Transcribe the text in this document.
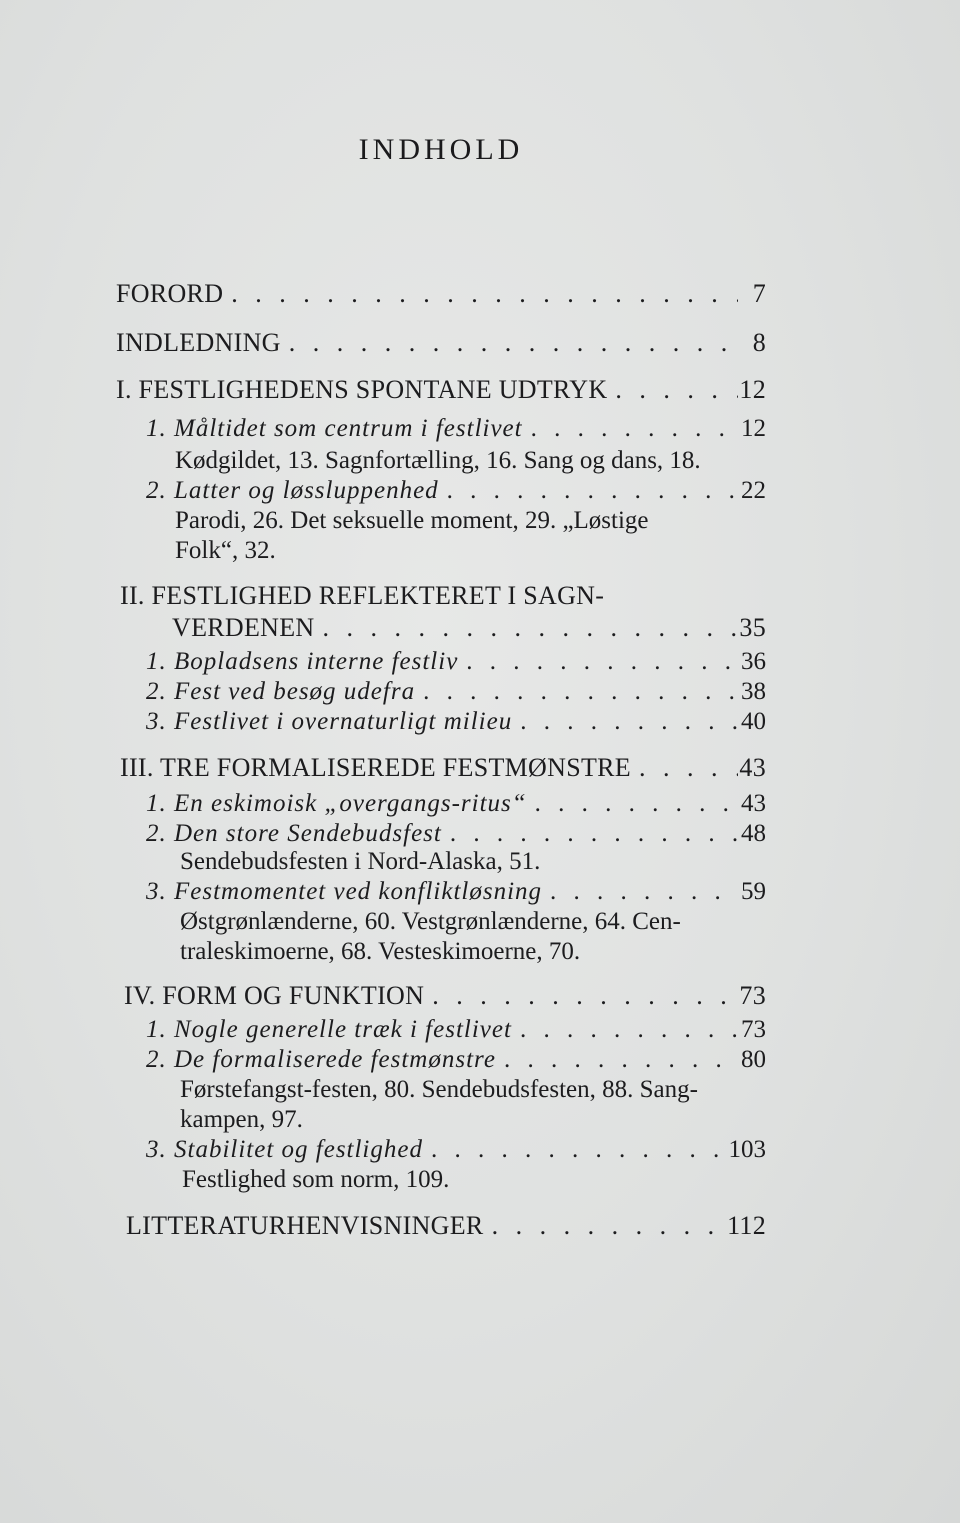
INDHOLD
FORORD . . .	7
INDLEDNING . . .	8
I. FESTLIGHEDENS SPONTANE UDTRYK . . .	12
1. Måltidet som centrum i festlivet . . .	12
Kødgildet, 13. Sagnfortælling, 16. Sang og dans, 18.
2. Latter og løssluppenhed . . .	22
Parodi, 26. Det seksuelle moment, 29. „Løstige
Folk“, 32.
II. FESTLIGHED REFLEKTERET I SAGN-
VERDENEN . . .	35
1. Bopladsens interne festliv . . .	36
2. Fest ved besøg udefra . . .	38
3. Festlivet i overnaturligt milieu . . .	40
III. TRE FORMALISEREDE FESTMØNSTRE . . .	43
1. En eskimoisk „overgangs-ritus“ . . .	43
2. Den store Sendebudsfest . . .	48
Sendebudsfesten i Nord-Alaska, 51.
3. Festmomentet ved konfliktløsning . . .	59
Østgrønlænderne, 60. Vestgrønlænderne, 64. Cen-
traleskimoerne, 68. Vesteskimoerne, 70.
IV. FORM OG FUNKTION . . .	73
1. Nogle generelle træk i festlivet . . .	73
2. De formaliserede festmønstre . . .	80
Førstefangst-festen, 80. Sendebudsfesten, 88. Sang-
kampen, 97.
3. Stabilitet og festlighed . . .	103
Festlighed som norm, 109.
LITTERATURHENVISNINGER . . .	112
